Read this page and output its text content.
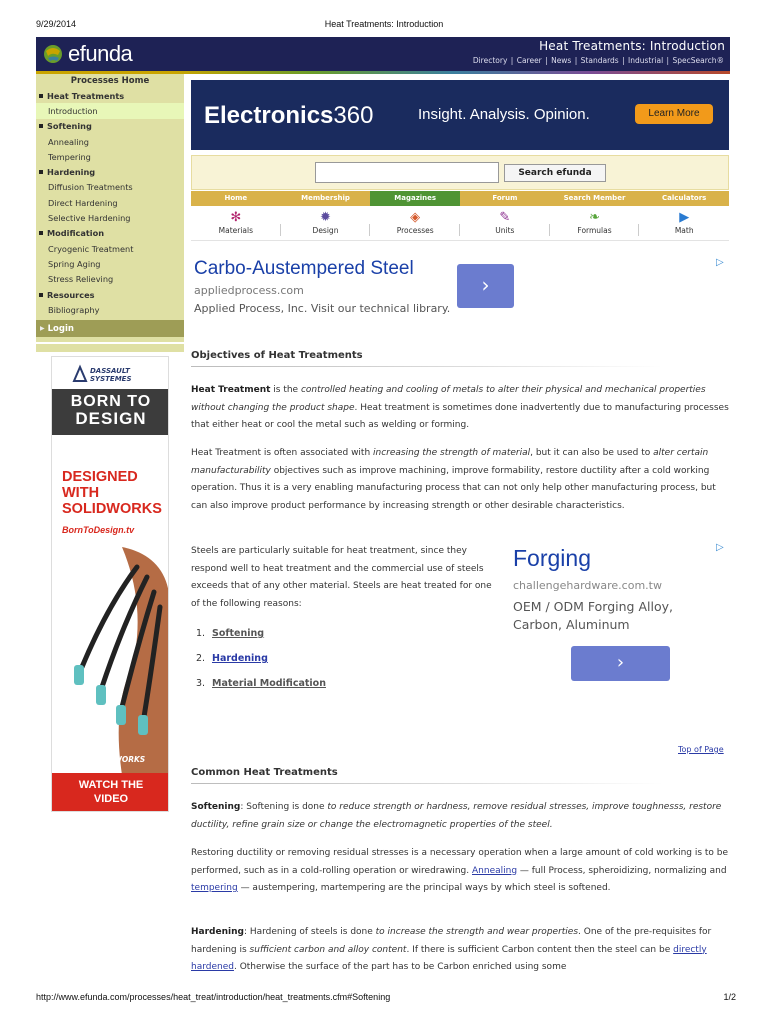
9/29/2014	Heat Treatments: Introduction
efunda	Heat Treatments: Introduction
Directory | Career | News | Standards | Industrial | SpecSearch®
Processes Home
Heat Treatments
Introduction
Softening
Annealing
Tempering
Hardening
Diffusion Treatments
Direct Hardening
Selective Hardening
Modification
Cryogenic Treatment
Spring Aging
Stress Relieving
Resources
Bibliography
▶ Login
DASSAULT SYSTEMES
BORN TO
DESIGN
DESIGNED WITH SOLIDWORKS
BornToDesign.tv
SOLIDWORKS
WATCH THE VIDEO
Electronics360	Insight. Analysis. Opinion.	Learn More
Search efunda
Home	Membership	Magazines	Forum	Search Member	Calculators
✻
Materials
✹
Design
◈
Processes
✎
Units
❧
Formulas
▶
Math
Carbo-Austempered Steel
appliedprocess.com
Applied Process, Inc. Visit our technical library.
›
▷
Objectives of Heat Treatments
Heat Treatment is the controlled heating and cooling of metals to alter their physical and mechanical properties without changing the product shape. Heat treatment is sometimes done inadvertently due to manufacturing processes that either heat or cool the metal such as welding or forming.
Heat Treatment is often associated with increasing the strength of material, but it can also be used to alter certain manufacturability objectives such as improve machining, improve formability, restore ductility after a cold working operation. Thus it is a very enabling manufacturing process that can not only help other manufacturing process, but can also improve product performance by increasing strength or other desirable characteristics.
Steels are particularly suitable for heat treatment, since they respond well to heat treatment and the commercial use of steels exceeds that of any other material. Steels are heat treated for one of the following reasons:
1. Softening
2. Hardening
3. Material Modification
Forging
challengehardware.com.tw
OEM / ODM Forging Alloy, Carbon, Aluminum
›
▷
Top of Page
Common Heat Treatments
Softening: Softening is done to reduce strength or hardness, remove residual stresses, improve toughnesss, restore ductility, refine grain size or change the electromagnetic properties of the steel.
Restoring ductility or removing residual stresses is a necessary operation when a large amount of cold working is to be performed, such as in a cold-rolling operation or wiredrawing. Annealing — full Process, spheroidizing, normalizing and tempering — austempering, martempering are the principal ways by which steel is softened.
Hardening: Hardening of steels is done to increase the strength and wear properties. One of the pre-requisites for hardening is sufficient carbon and alloy content. If there is sufficient Carbon content then the steel can be directly hardened. Otherwise the surface of the part has to be Carbon enriched using some
http://www.efunda.com/processes/heat_treat/introduction/heat_treatments.cfm#Softening	1/2
